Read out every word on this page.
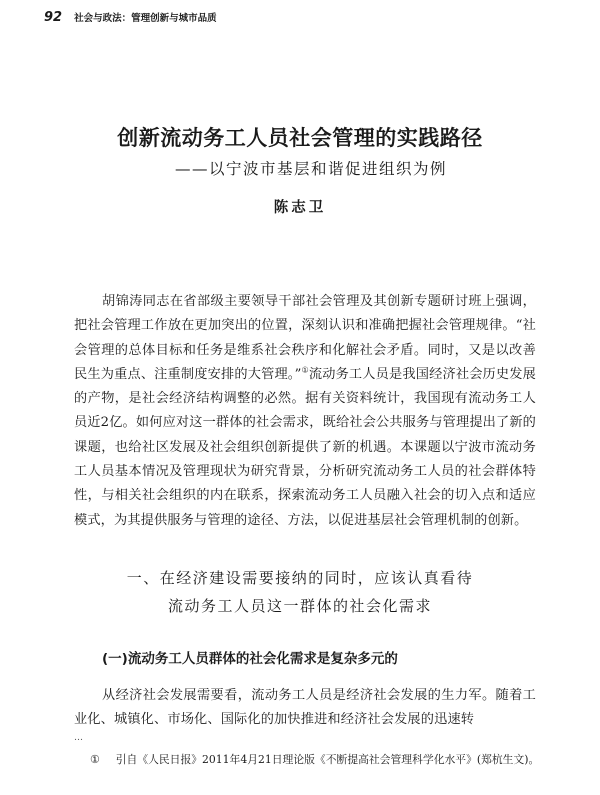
92 社会与政法：管理创新与城市品质
创新流动务工人员社会管理的实践路径
——以宁波市基层和谐促进组织为例
陈志卫

胡锦涛同志在省部级主要领导干部社会管理及其创新专题研讨班上强调，把社会管理工作放在更加突出的位置，深刻认识和准确把握社会管理规律。“社会管理的总体目标和任务是维系社会秩序和化解社会矛盾。同时，又是以改善民生为重点、注重制度安排的大管理。”①流动务工人员是我国经济社会历史发展的产物，是社会经济结构调整的必然。据有关资料统计，我国现有流动务工人员近2亿。如何应对这一群体的社会需求，既给社会公共服务与管理提出了新的课题，也给社区发展及社会组织创新提供了新的机遇。本课题以宁波市流动务工人员基本情况及管理现状为研究背景，分析研究流动务工人员的社会群体特性，与相关社会组织的内在联系，探索流动务工人员融入社会的切入点和适应模式，为其提供服务与管理的途径、方法，以促进基层社会管理机制的创新。

一、在经济建设需要接纳的同时，应该认真看待
流动务工人员这一群体的社会化需求
(一)流动务工人员群体的社会化需求是复杂多元的

从经济社会发展需要看，流动务工人员是经济社会发展的生力军。随着工业化、城镇化、市场化、国际化的加快推进和经济社会发展的迅速转

…
① 引自《人民日报》2011年4月21日理论版《不断提高社会管理科学化水平》(郑杭生文)。
